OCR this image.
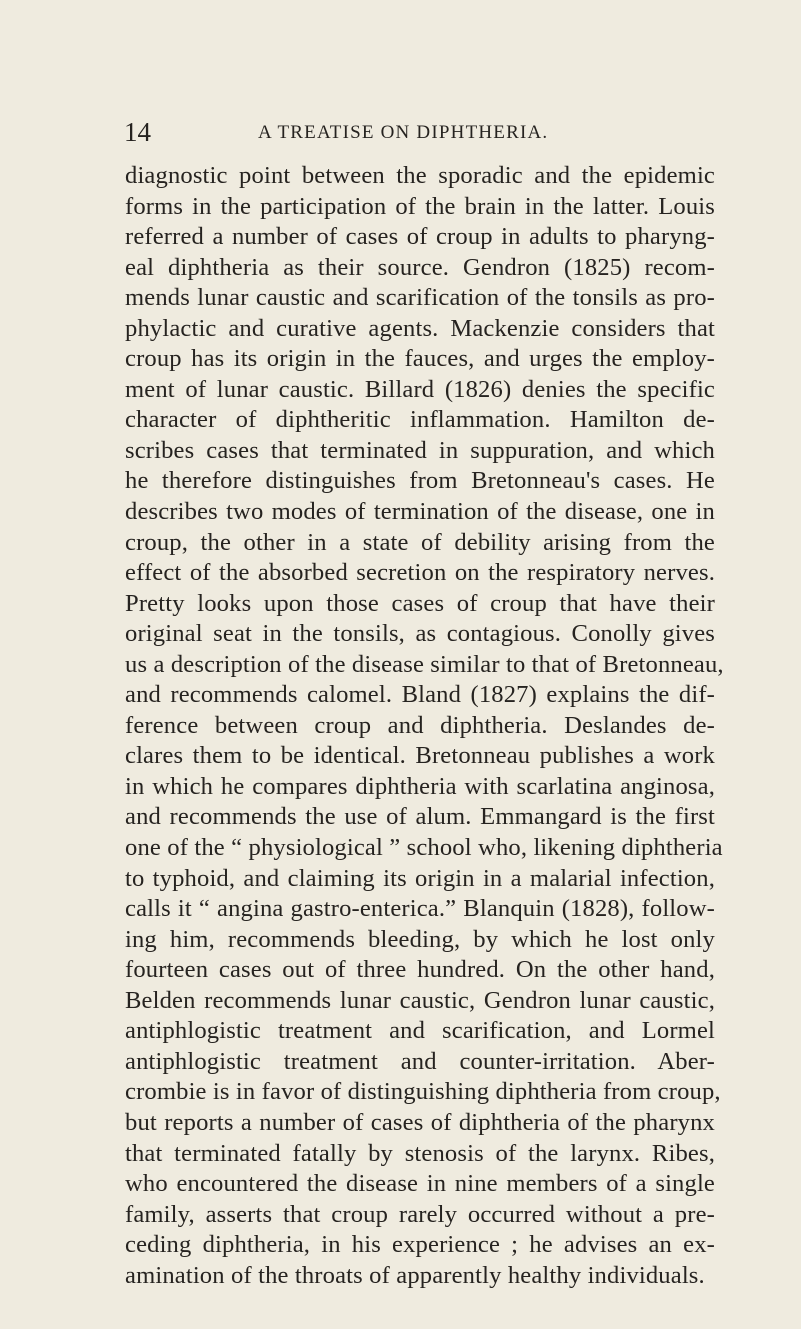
14	A TREATISE ON DIPHTHERIA.
diagnostic point between the sporadic and the epidemic
forms in the participation of the brain in the latter. Louis
referred a number of cases of croup in adults to pharyng-
eal diphtheria as their source. Gendron (1825) recom-
mends lunar caustic and scarification of the tonsils as pro-
phylactic and curative agents. Mackenzie considers that
croup has its origin in the fauces, and urges the employ-
ment of lunar caustic. Billard (1826) denies the specific
character of diphtheritic inflammation. Hamilton de-
scribes cases that terminated in suppuration, and which
he therefore distinguishes from Bretonneau's cases. He
describes two modes of termination of the disease, one in
croup, the other in a state of debility arising from the
effect of the absorbed secretion on the respiratory nerves.
Pretty looks upon those cases of croup that have their
original seat in the tonsils, as contagious. Conolly gives
us a description of the disease similar to that of Bretonneau,
and recommends calomel. Bland (1827) explains the dif-
ference between croup and diphtheria. Deslandes de-
clares them to be identical. Bretonneau publishes a work
in which he compares diphtheria with scarlatina anginosa,
and recommends the use of alum. Emmangard is the first
one of the “ physiological ” school who, likening diphtheria
to typhoid, and claiming its origin in a malarial infection,
calls it “ angina gastro-enterica.” Blanquin (1828), follow-
ing him, recommends bleeding, by which he lost only
fourteen cases out of three hundred. On the other hand,
Belden recommends lunar caustic, Gendron lunar caustic,
antiphlogistic treatment and scarification, and Lormel
antiphlogistic treatment and counter-irritation. Aber-
crombie is in favor of distinguishing diphtheria from croup,
but reports a number of cases of diphtheria of the pharynx
that terminated fatally by stenosis of the larynx. Ribes,
who encountered the disease in nine members of a single
family, asserts that croup rarely occurred without a pre-
ceding diphtheria, in his experience ; he advises an ex-
amination of the throats of apparently healthy individuals.
